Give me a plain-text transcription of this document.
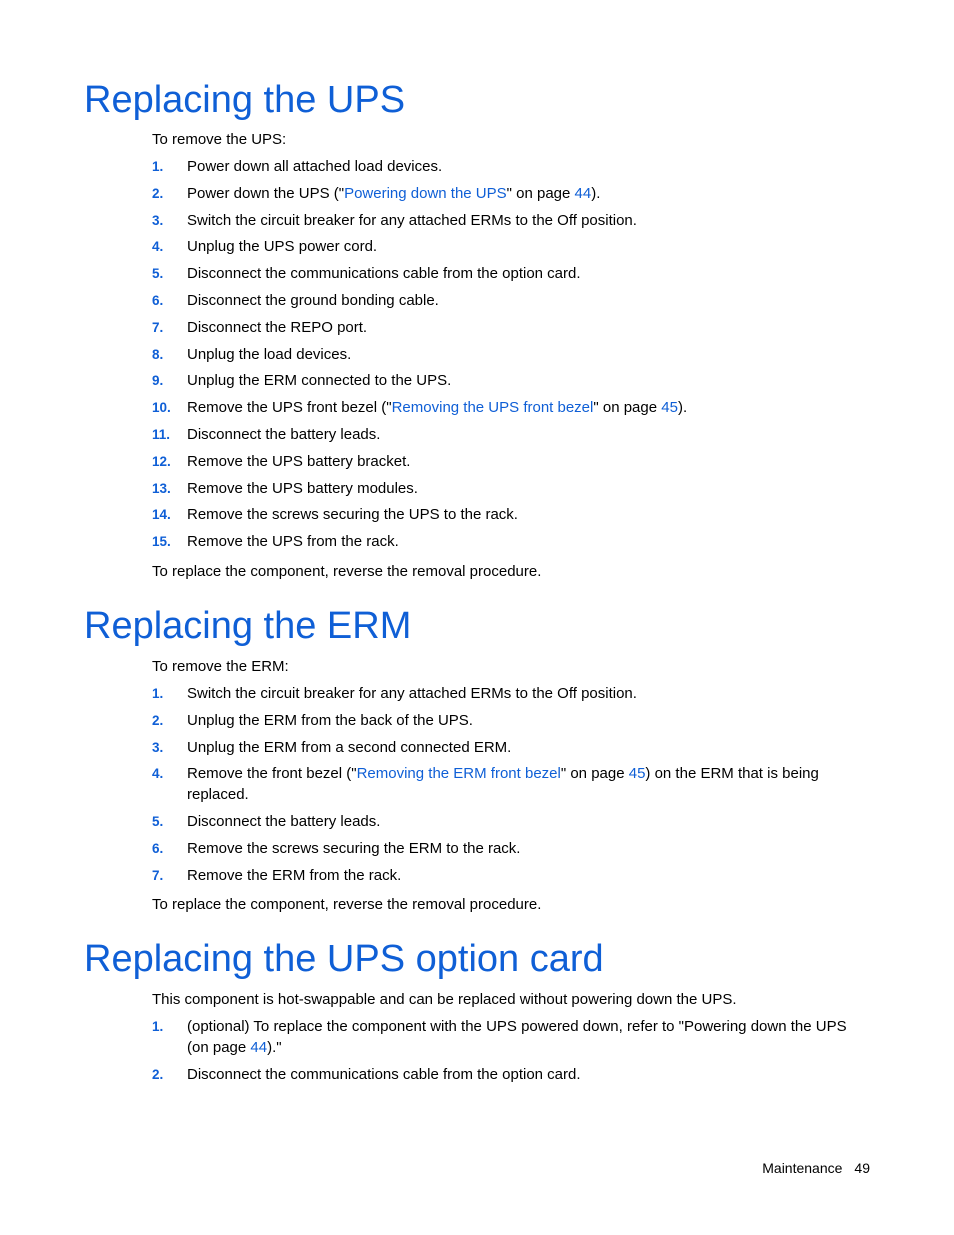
Replacing the UPS

To remove the UPS:

1. Power down all attached load devices.
2. Power down the UPS ("Powering down the UPS" on page 44).
3. Switch the circuit breaker for any attached ERMs to the Off position.
4. Unplug the UPS power cord.
5. Disconnect the communications cable from the option card.
6. Disconnect the ground bonding cable.
7. Disconnect the REPO port.
8. Unplug the load devices.
9. Unplug the ERM connected to the UPS.
10. Remove the UPS front bezel ("Removing the UPS front bezel" on page 45).
11. Disconnect the battery leads.
12. Remove the UPS battery bracket.
13. Remove the UPS battery modules.
14. Remove the screws securing the UPS to the rack.
15. Remove the UPS from the rack.

To replace the component, reverse the removal procedure.

Replacing the ERM

To remove the ERM:

1. Switch the circuit breaker for any attached ERMs to the Off position.
2. Unplug the ERM from the back of the UPS.
3. Unplug the ERM from a second connected ERM.
4. Remove the front bezel ("Removing the ERM front bezel" on page 45) on the ERM that is being replaced.
5. Disconnect the battery leads.
6. Remove the screws securing the ERM to the rack.
7. Remove the ERM from the rack.

To replace the component, reverse the removal procedure.

Replacing the UPS option card

This component is hot-swappable and can be replaced without powering down the UPS.

1. (optional) To replace the component with the UPS powered down, refer to "Powering down the UPS (on page 44)."
2. Disconnect the communications cable from the option card.
Maintenance 49
